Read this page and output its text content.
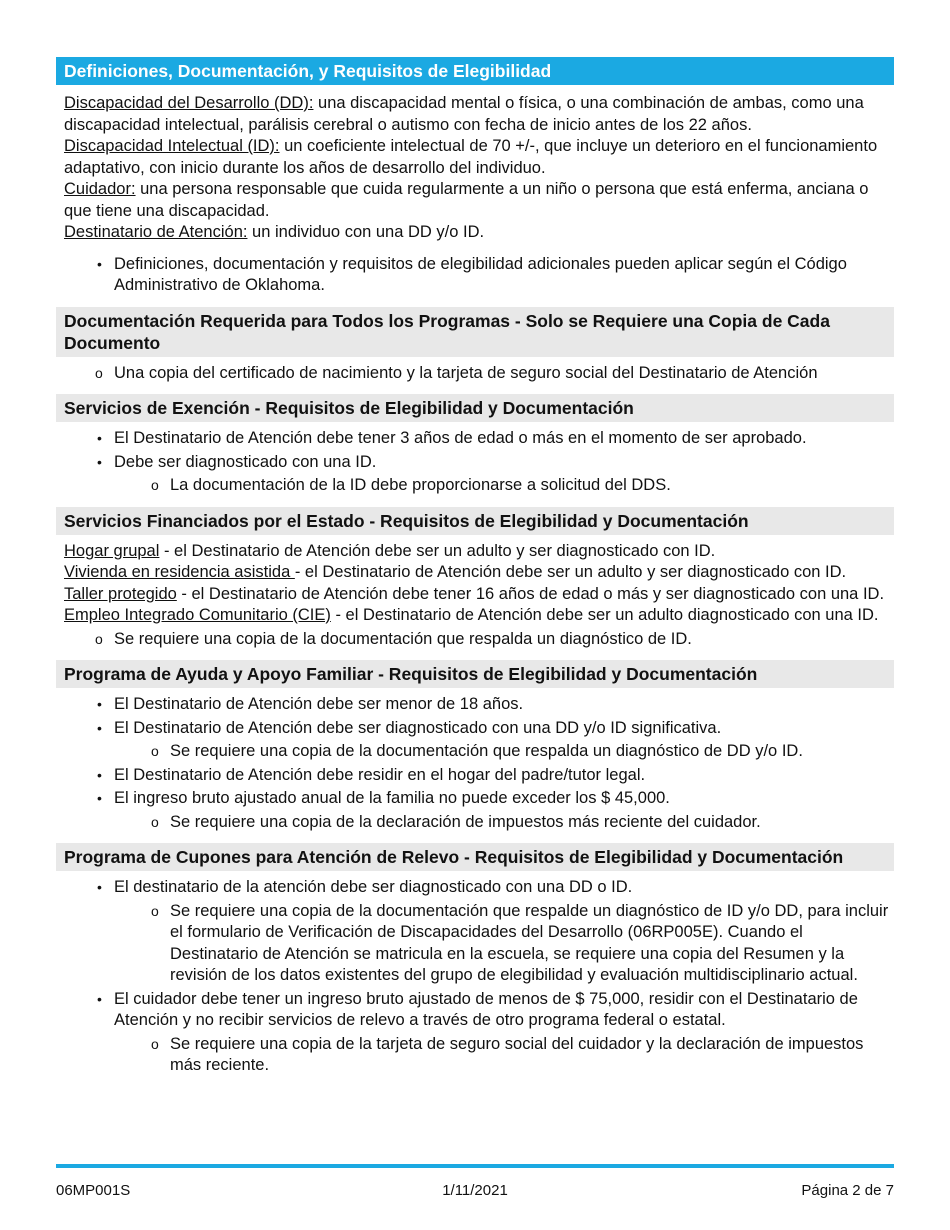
Definiciones, Documentación, y Requisitos de Elegibilidad

Discapacidad del Desarrollo (DD): una discapacidad mental o física, o una combinación de ambas, como una discapacidad intelectual, parálisis cerebral o autismo con fecha de inicio antes de los 22 años.

Discapacidad Intelectual (ID): un coeficiente intelectual de 70 +/-, que incluye un deterioro en el funcionamiento adaptativo, con inicio durante los años de desarrollo del individuo.

Cuidador: una persona responsable que cuida regularmente a un niño o persona que está enferma, anciana o que tiene una discapacidad.

Destinatario de Atención: un individuo con una DD y/o ID.

• Definiciones, documentación y requisitos de elegibilidad adicionales pueden aplicar según el Código Administrativo de Oklahoma.
Documentación Requerida para Todos los Programas - Solo se Requiere una Copia de Cada Documento
o Una copia del certificado de nacimiento y la tarjeta de seguro social del Destinatario de Atención
Servicios de Exención - Requisitos de Elegibilidad y Documentación
• El Destinatario de Atención debe tener 3 años de edad o más en el momento de ser aprobado.
• Debe ser diagnosticado con una ID.
o La documentación de la ID debe proporcionarse a solicitud del DDS.
Servicios Financiados por el Estado - Requisitos de Elegibilidad y Documentación

Hogar grupal - el Destinatario de Atención debe ser un adulto y ser diagnosticado con ID.

Vivienda en residencia asistida - el Destinatario de Atención debe ser un adulto y ser diagnosticado con ID.

Taller protegido - el Destinatario de Atención debe tener 16 años de edad o más y ser diagnosticado con una ID.

Empleo Integrado Comunitario (CIE) - el Destinatario de Atención debe ser un adulto diagnosticado con una ID.

o Se requiere una copia de la documentación que respalda un diagnóstico de ID.
Programa de Ayuda y Apoyo Familiar - Requisitos de Elegibilidad y Documentación
• El Destinatario de Atención debe ser menor de 18 años.
• El Destinatario de Atención debe ser diagnosticado con una DD y/o ID significativa.
o Se requiere una copia de la documentación que respalda un diagnóstico de DD y/o ID.
• El Destinatario de Atención debe residir en el hogar del padre/tutor legal.
• El ingreso bruto ajustado anual de la familia no puede exceder los $ 45,000.
o Se requiere una copia de la declaración de impuestos más reciente del cuidador.
Programa de Cupones para Atención de Relevo - Requisitos de Elegibilidad y Documentación
• El destinatario de la atención debe ser diagnosticado con una DD o ID.
o Se requiere una copia de la documentación que respalde un diagnóstico de ID y/o DD, para incluir el formulario de Verificación de Discapacidades del Desarrollo (06RP005E). Cuando el Destinatario de Atención se matricula en la escuela, se requiere una copia del Resumen y la revisión de los datos existentes del grupo de elegibilidad y evaluación multidisciplinario actual.
• El cuidador debe tener un ingreso bruto ajustado de menos de $ 75,000, residir con el Destinatario de Atención y no recibir servicios de relevo a través de otro programa federal o estatal.
o Se requiere una copia de la tarjeta de seguro social del cuidador y la declaración de impuestos más reciente.
06MP001S	1/11/2021	Página 2 de 7
